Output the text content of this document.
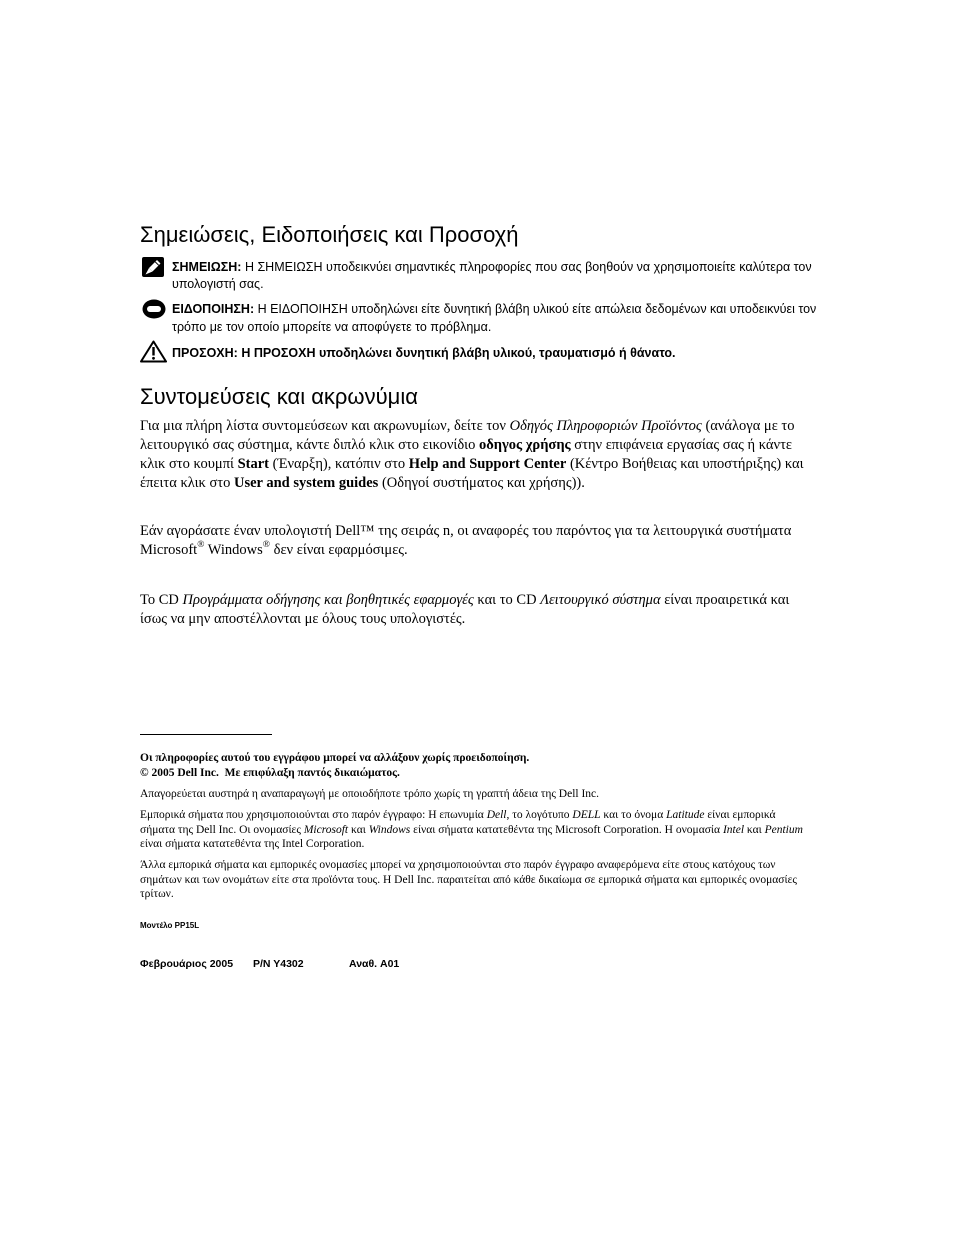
Σημειώσεις, Ειδοποιήσεις και Προσοχή
ΣΗΜΕΙΩΣΗ: Η ΣΗΜΕΙΩΣΗ υποδεικνύει σημαντικές πληροφορίες που σας βοηθούν να χρησιμοποιείτε καλύτερα τον
υπολογιστή σας.
ΕΙΔΟΠΟΙΗΣΗ: Η ΕΙΔΟΠΟΙΗΣΗ υποδηλώνει είτε δυνητική βλάβη υλικού είτε απώλεια δεδομένων και υποδεικνύει τον
τρόπο με τον οποίο μπορείτε να αποφύγετε το πρόβλημα.
ΠΡΟΣΟΧΗ: Η ΠΡΟΣΟΧΗ υποδηλώνει δυνητική βλάβη υλικού, τραυματισμό ή θάνατο.
Συντομεύσεις και ακρωνύμια
Για μια πλήρη λίστα συντομεύσεων και ακρωνυμίων, δείτε τον Οδηγός Πληροφοριών Προϊόντος (ανάλογα με το
λειτουργικό σας σύστημα, κάντε διπλό κλικ στο εικονίδιο οδηγος χρήσης στην επιφάνεια εργασίας σας ή κάντε
κλικ στο κουμπί Start (Έναρξη), κατόπιν στο Help and Support Center (Κέντρο Βοήθειας και υποστήριξης) και
έπειτα κλικ στο User and system guides (Οδηγοί συστήματος και χρήσης)).
Εάν αγοράσατε έναν υπολογιστή Dell™ της σειράς n, οι αναφορές του παρόντος για τα λειτουργικά συστήματα
Microsoft® Windows® δεν είναι εφαρμόσιμες.
Το CD Προγράμματα οδήγησης και βοηθητικές εφαρμογές και το CD Λειτουργικό σύστημα είναι προαιρετικά και
ίσως να μην αποστέλλονται με όλους τους υπολογιστές.
Οι πληροφορίες αυτού του εγγράφου μπορεί να αλλάξουν χωρίς προειδοποίηση.
© 2005 Dell Inc.  Με επιφύλαξη παντός δικαιώματος.
Απαγορεύεται αυστηρά η αναπαραγωγή με οποιοδήποτε τρόπο χωρίς τη γραπτή άδεια της Dell Inc.
Εμπορικά σήματα που χρησιμοποιούνται στο παρόν έγγραφο: Η επωνυμία Dell, το λογότυπο DELL και το όνομα Latitude είναι εμπορικά
σήματα της Dell Inc. Οι ονομασίες Microsoft και Windows είναι σήματα κατατεθέντα της Microsoft Corporation. Η ονομασία Intel και Pentium
είναι σήματα κατατεθέντα της Intel Corporation.
Άλλα εμπορικά σήματα και εμπορικές ονομασίες μπορεί να χρησιμοποιούνται στο παρόν έγγραφο αναφερόμενα είτε στους κατόχους των
σημάτων και των ονομάτων είτε στα προϊόντα τους. Η Dell Inc. παραιτείται από κάθε δικαίωμα σε εμπορικά σήματα και εμπορικές ονομασίες
τρίτων.
Μοντέλο PP15L
Φεβρουάριος 2005 P/N Y4302	Αναθ. A01
